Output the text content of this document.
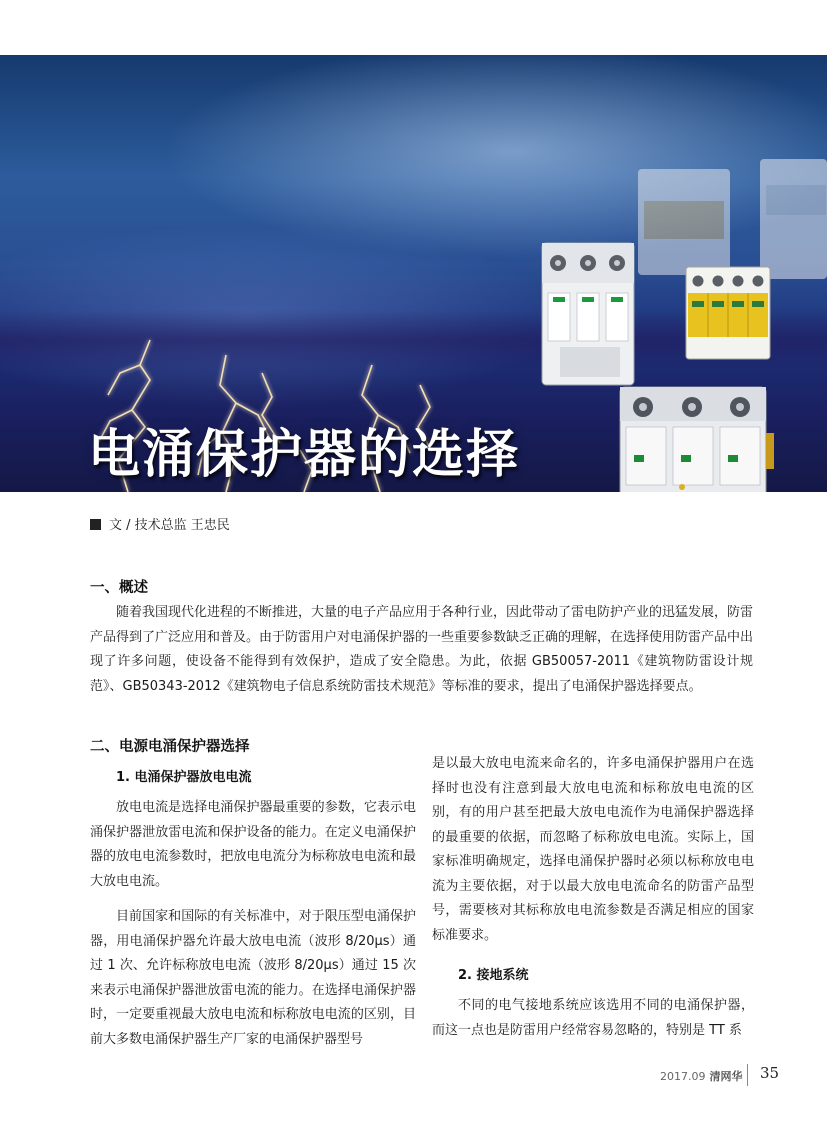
电涌保护器的选择
文 / 技术总监 王忠民
一、概述

随着我国现代化进程的不断推进，大量的电子产品应用于各种行业，因此带动了雷电防护产业的迅猛发展，防雷产品得到了广泛应用和普及。由于防雷用户对电涌保护器的一些重要参数缺乏正确的理解，在选择使用防雷产品中出现了许多问题，使设备不能得到有效保护，造成了安全隐患。为此，依据 GB50057-2011《建筑物防雷设计规范》、GB50343-2012《建筑物电子信息系统防雷技术规范》等标准的要求，提出了电涌保护器选择要点。

二、电源电涌保护器选择
1. 电涌保护器放电电流

放电电流是选择电涌保护器最重要的参数，它表示电涌保护器泄放雷电流和保护设备的能力。在定义电涌保护器的放电电流参数时，把放电电流分为标称放电电流和最大放电电流。

目前国家和国际的有关标准中，对于限压型电涌保护器，用电涌保护器允许最大放电电流（波形 8/20μs）通过 1 次、允许标称放电电流（波形 8/20μs）通过 15 次来表示电涌保护器泄放雷电流的能力。在选择电涌保护器时，一定要重视最大放电电流和标称放电电流的区别，目前大多数电涌保护器生产厂家的电涌保护器型号

是以最大放电电流来命名的，许多电涌保护器用户在选择时也没有注意到最大放电电流和标称放电电流的区别，有的用户甚至把最大放电电流作为电涌保护器选择的最重要的依据，而忽略了标称放电电流。实际上，国家标准明确规定，选择电涌保护器时必须以标称放电电流为主要依据，对于以最大放电电流命名的防雷产品型号，需要核对其标称放电电流参数是否满足相应的国家标准要求。

2. 接地系统

不同的电气接地系统应该选用不同的电涌保护器，而这一点也是防雷用户经常容易忽略的，特别是 TT 系

2017.09 清网华 35
